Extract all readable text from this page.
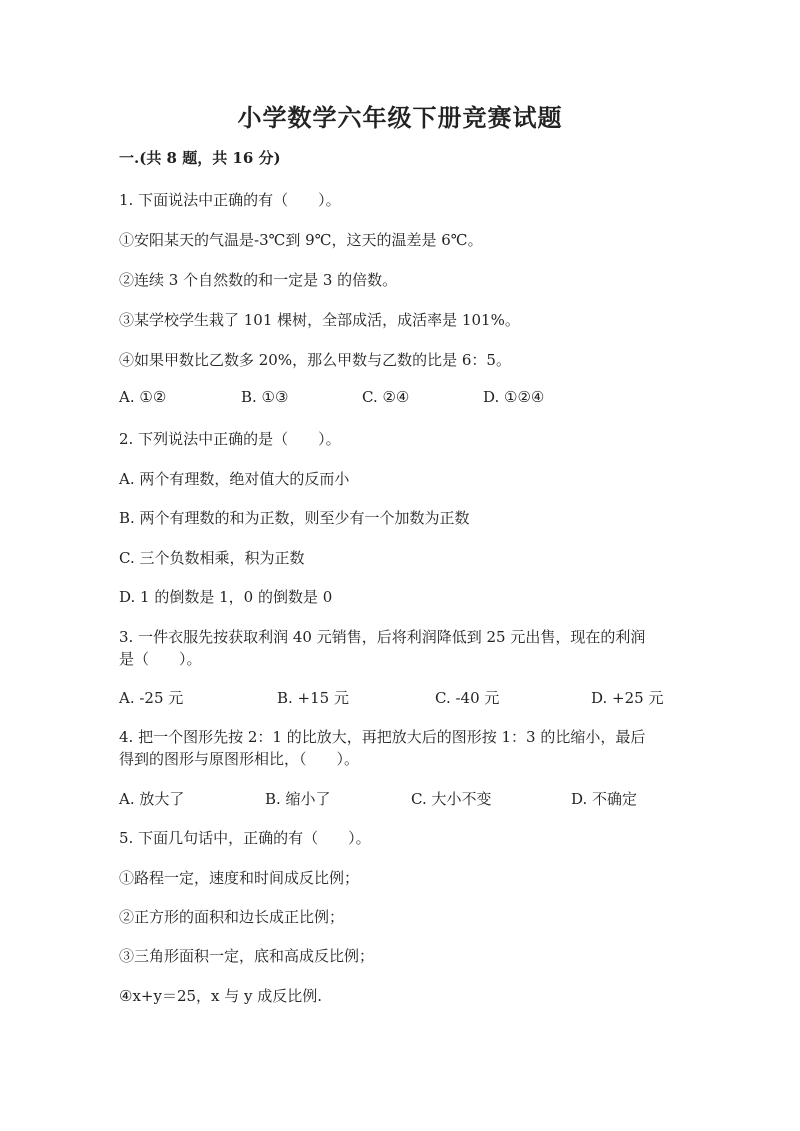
小学数学六年级下册竞赛试题
一.(共 8 题，共 16 分)
1. 下面说法中正确的有（　　）。
①安阳某天的气温是-3℃到 9℃，这天的温差是 6℃。
②连续 3 个自然数的和一定是 3 的倍数。
③某学校学生栽了 101 棵树，全部成活，成活率是 101%。
④如果甲数比乙数多 20%，那么甲数与乙数的比是 6：5。
A. ①②	B. ①③	C. ②④	D. ①②④
2. 下列说法中正确的是（　　）。
A. 两个有理数，绝对值大的反而小
B. 两个有理数的和为正数，则至少有一个加数为正数
C. 三个负数相乘，积为正数
D. 1 的倒数是 1，0 的倒数是 0
3. 一件衣服先按获取利润 40 元销售，后将利润降低到 25 元出售，现在的利润
是（　　）。
A. -25 元	B. +15 元	C. -40 元	D. +25 元
4. 把一个图形先按 2：1 的比放大，再把放大后的图形按 1：3 的比缩小，最后
得到的图形与原图形相比，（　　）。
A. 放大了	B. 缩小了	C. 大小不变	D. 不确定
5. 下面几句话中，正确的有（　　）。
①路程一定，速度和时间成反比例；
②正方形的面积和边长成正比例；
③三角形面积一定，底和高成反比例；
④x+y＝25，x 与 y 成反比例.
